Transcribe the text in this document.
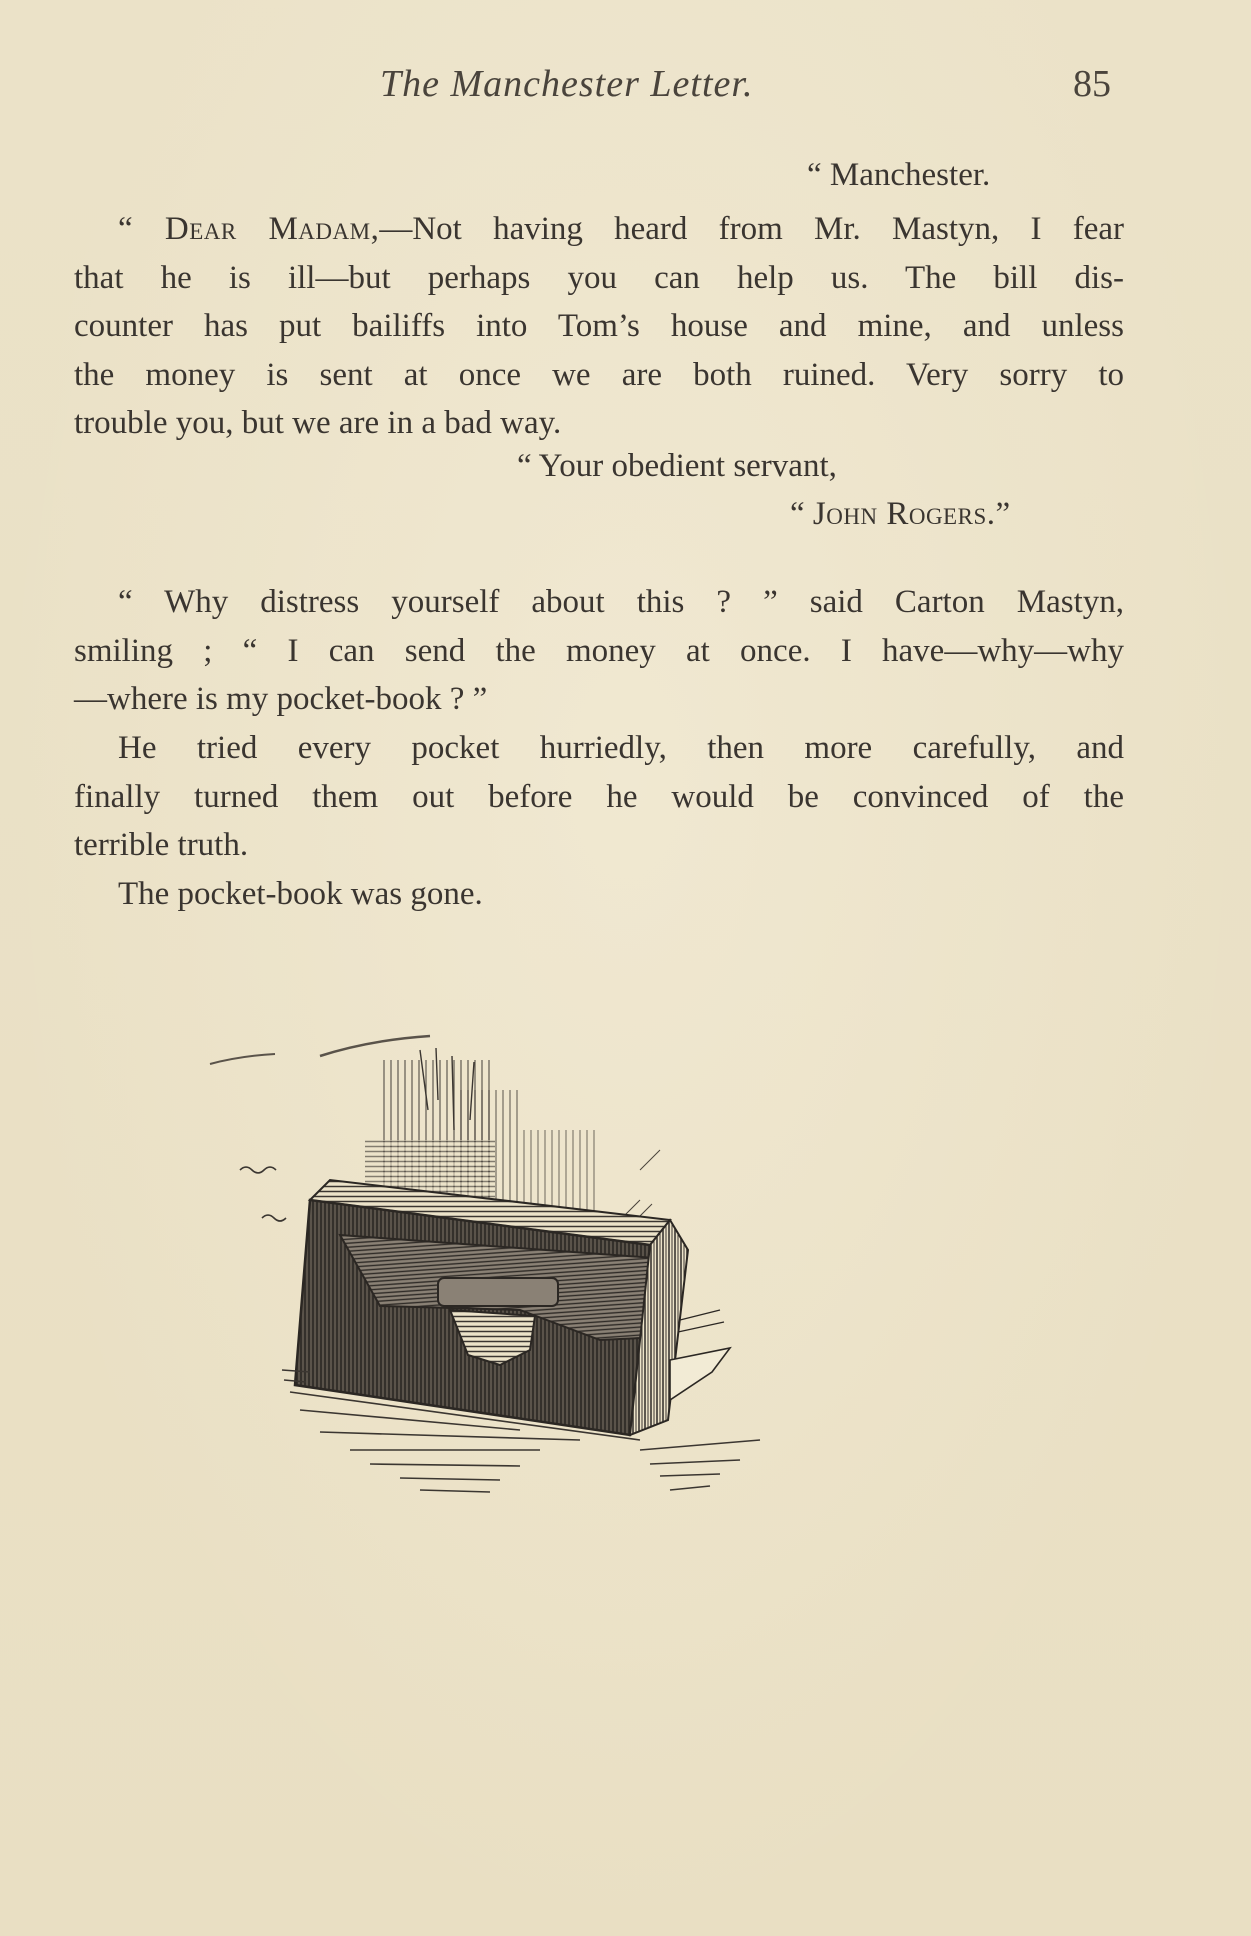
The Manchester Letter.	85
“ Manchester.
“ Dear Madam,—Not having heard from Mr. Mastyn, I fear
that he is ill—but perhaps you can help us. The bill dis-
counter has put bailiffs into Tom’s house and mine, and unless
the money is sent at once we are both ruined. Very sorry to
trouble you, but we are in a bad way.
“ Your obedient servant,
“ John Rogers.”
“ Why distress yourself about this ? ” said Carton Mastyn,
smiling ; “ I can send the money at once. I have—why—why
—where is my pocket-book ? ”
He tried every pocket hurriedly, then more carefully, and
finally turned them out before he would be convinced of the
terrible truth.
The pocket-book was gone.
